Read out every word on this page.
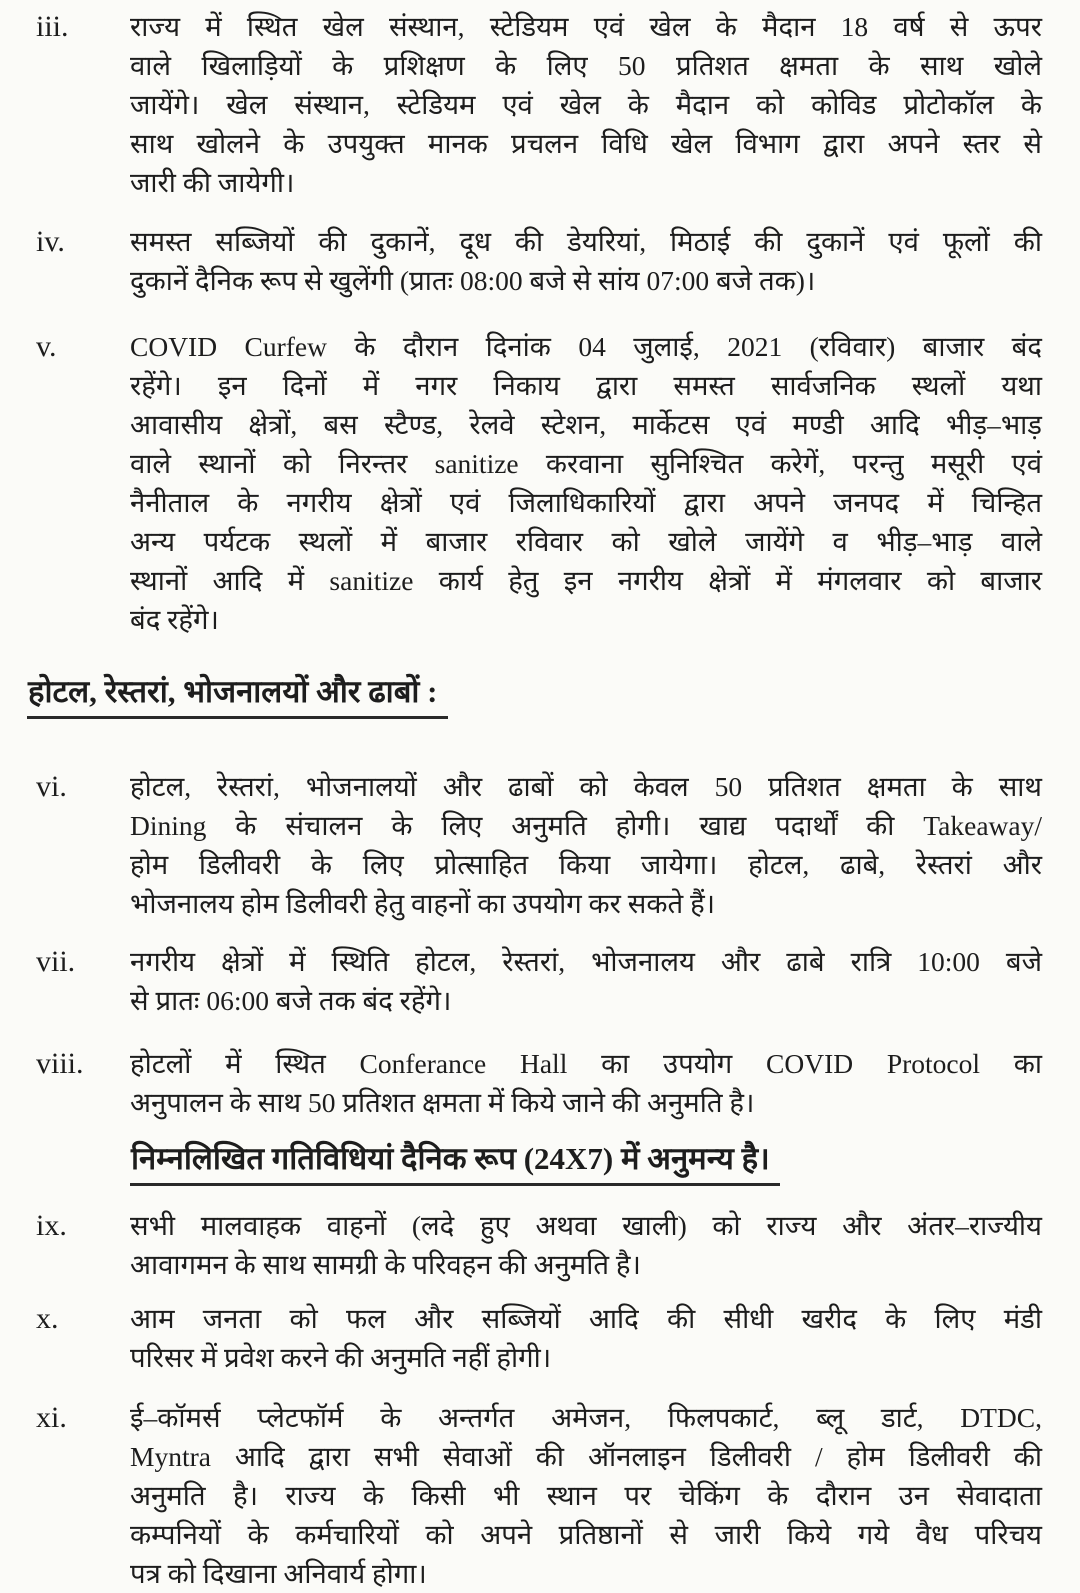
iii.	राज्य में स्थित खेल संस्थान, स्टेडियम एवं खेल के मैदान 18 वर्ष से ऊपर
वाले खिलाड़ियों के प्रशिक्षण के लिए 50 प्रतिशत क्षमता के साथ खोले
जायेंगे। खेल संस्थान, स्टेडियम एवं खेल के मैदान को कोविड प्रोटोकॉल के
साथ खोलने के उपयुक्त मानक प्रचलन विधि खेल विभाग द्वारा अपने स्तर से
जारी की जायेगी।
iv.	समस्त सब्जियों की दुकानें, दूध की डेयरियां, मिठाई की दुकानें एवं फूलों की
दुकानें दैनिक रूप से खुलेंगी (प्रातः 08:00 बजे से सांय 07:00 बजे तक)।
v.	COVID Curfew के दौरान दिनांक 04 जुलाई, 2021 (रविवार) बाजार बंद
रहेंगे। इन दिनों में नगर निकाय द्वारा समस्त सार्वजनिक स्थलों यथा
आवासीय क्षेत्रों, बस स्टैण्ड, रेलवे स्टेशन, मार्केटस एवं मण्डी आदि भीड़–भाड़
वाले स्थानों को निरन्तर sanitize करवाना सुनिश्चित करेगें, परन्तु मसूरी एवं
नैनीताल के नगरीय क्षेत्रों एवं जिलाधिकारियों द्वारा अपने जनपद में चिन्हित
अन्य पर्यटक स्थलों में बाजार रविवार को खोले जायेंगे व भीड़–भाड़ वाले
स्थानों आदि में sanitize कार्य हेतु इन नगरीय क्षेत्रों में मंगलवार को बाजार
बंद रहेंगे।
होटल, रेस्तरां, भोजनालयों और ढाबों :
vi.	होटल, रेस्तरां, भोजनालयों और ढाबों को केवल 50 प्रतिशत क्षमता के साथ
Dining के संचालन के लिए अनुमति होगी। खाद्य पदार्थों की Takeaway/
होम डिलीवरी के लिए प्रोत्साहित किया जायेगा। होटल, ढाबे, रेस्तरां और
भोजनालय होम डिलीवरी हेतु वाहनों का उपयोग कर सकते हैं।
vii.	नगरीय क्षेत्रों में स्थिति होटल, रेस्तरां, भोजनालय और ढाबे रात्रि 10:00 बजे
से प्रातः 06:00 बजे तक बंद रहेंगे।
viii.	होटलों में स्थित Conferance Hall का उपयोग COVID Protocol का
अनुपालन के साथ 50 प्रतिशत क्षमता में किये जाने की अनुमति है।
निम्नलिखित गतिविधियां दैनिक रूप (24X7) में अनुमन्य है।
ix.	सभी मालवाहक वाहनों (लदे हुए अथवा खाली) को राज्य और अंतर–राज्यीय
आवागमन के साथ सामग्री के परिवहन की अनुमति है।
x.	आम जनता को फल और सब्जियों आदि की सीधी खरीद के लिए मंडी
परिसर में प्रवेश करने की अनुमति नहीं होगी।
xi.	ई–कॉमर्स प्लेटफॉर्म के अन्तर्गत अमेजन, फिलपकार्ट, ब्लू डार्ट, DTDC,
Myntra आदि द्वारा सभी सेवाओं की ऑनलाइन डिलीवरी / होम डिलीवरी की
अनुमति है। राज्य के किसी भी स्थान पर चेकिंग के दौरान उन सेवादाता
कम्पनियों के कर्मचारियों को अपने प्रतिष्ठानों से जारी किये गये वैध परिचय
पत्र को दिखाना अनिवार्य होगा।
